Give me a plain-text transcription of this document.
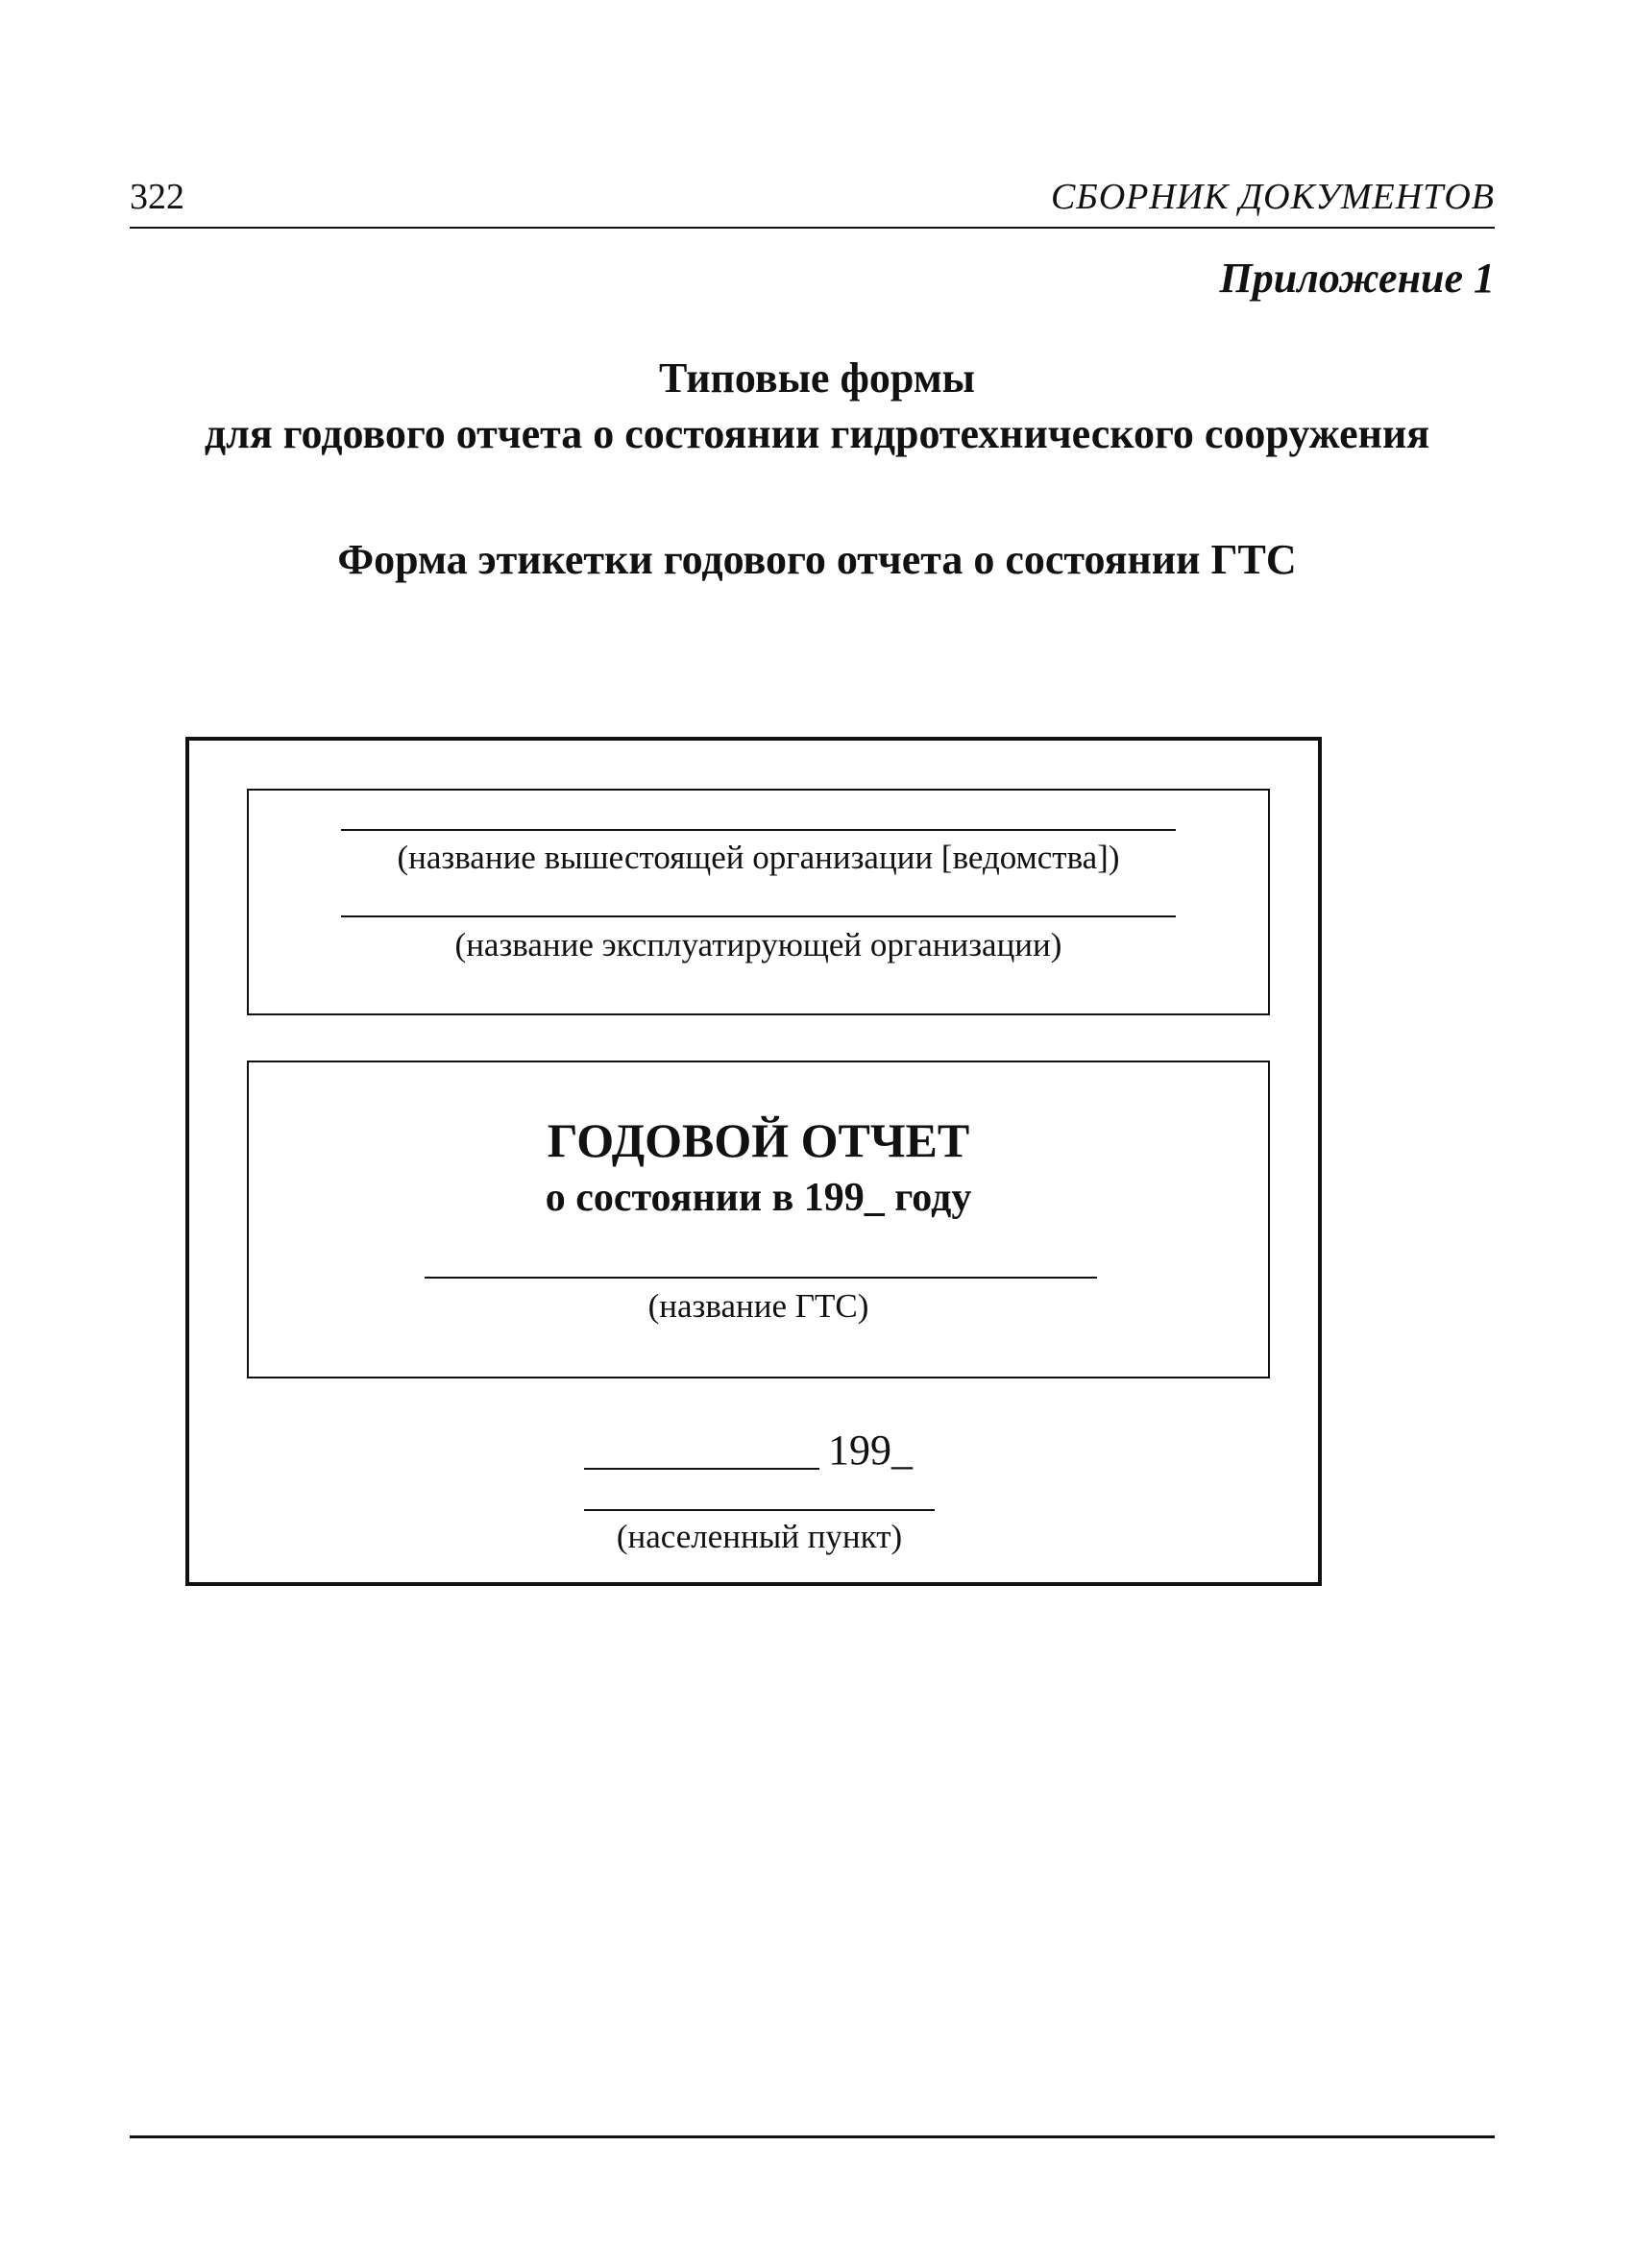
322	СБОРНИК ДОКУМЕНТОВ
Приложение 1
Типовые формы
для годового отчета о состоянии гидротехнического сооружения
Форма этикетки годового отчета о состоянии ГТС
(название вышестоящей организации [ведомства])
(название эксплуатирующей организации)
ГОДОВОЙ ОТЧЕТ
о состоянии в 199_ году
(название ГТС)
199_
(населенный пункт)
